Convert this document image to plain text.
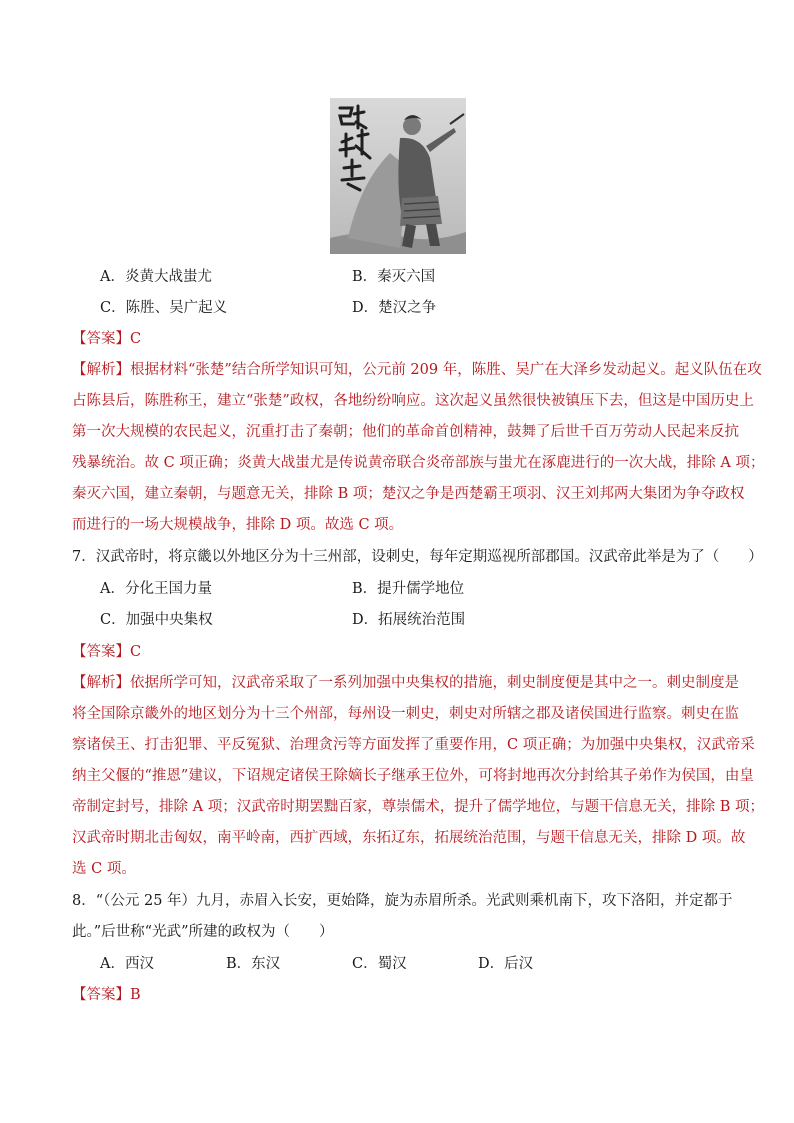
A．炎黄大战蚩尤	B．秦灭六国
C．陈胜、吴广起义	D．楚汉之争
【答案】C
【解析】根据材料“张楚”结合所学知识可知，公元前 209 年，陈胜、吴广在大泽乡发动起义。起义队伍在攻
占陈县后，陈胜称王，建立“张楚”政权，各地纷纷响应。这次起义虽然很快被镇压下去，但这是中国历史上
第一次大规模的农民起义，沉重打击了秦朝；他们的革命首创精神，鼓舞了后世千百万劳动人民起来反抗
残暴统治。故 C 项正确；炎黄大战蚩尤是传说黄帝联合炎帝部族与蚩尤在涿鹿进行的一次大战，排除 A 项；
秦灭六国，建立秦朝，与题意无关，排除 B 项；楚汉之争是西楚霸王项羽、汉王刘邦两大集团为争夺政权
而进行的一场大规模战争，排除 D 项。故选 C 项。
7．汉武帝时，将京畿以外地区分为十三州部，设刺史，每年定期巡视所部郡国。汉武帝此举是为了（　　）
A．分化王国力量	B．提升儒学地位
C．加强中央集权	D．拓展统治范围
【答案】C
【解析】依据所学可知，汉武帝采取了一系列加强中央集权的措施，刺史制度便是其中之一。刺史制度是
将全国除京畿外的地区划分为十三个州部，每州设一刺史，刺史对所辖之郡及诸侯国进行监察。刺史在监
察诸侯王、打击犯罪、平反冤狱、治理贪污等方面发挥了重要作用，C 项正确；为加强中央集权，汉武帝采
纳主父偃的“推恩”建议，下诏规定诸侯王除嫡长子继承王位外，可将封地再次分封给其子弟作为侯国，由皇
帝制定封号，排除 A 项；汉武帝时期罢黜百家，尊崇儒术，提升了儒学地位，与题干信息无关，排除 B 项；
汉武帝时期北击匈奴，南平岭南，西扩西域，东拓辽东，拓展统治范围，与题干信息无关，排除 D 项。故
选 C 项。
8．“（公元 25 年）九月，赤眉入长安，更始降，旋为赤眉所杀。光武则乘机南下，攻下洛阳，并定都于
此。”后世称“光武”所建的政权为（　　）
A．西汉	B．东汉	C．蜀汉	D．后汉
【答案】B
